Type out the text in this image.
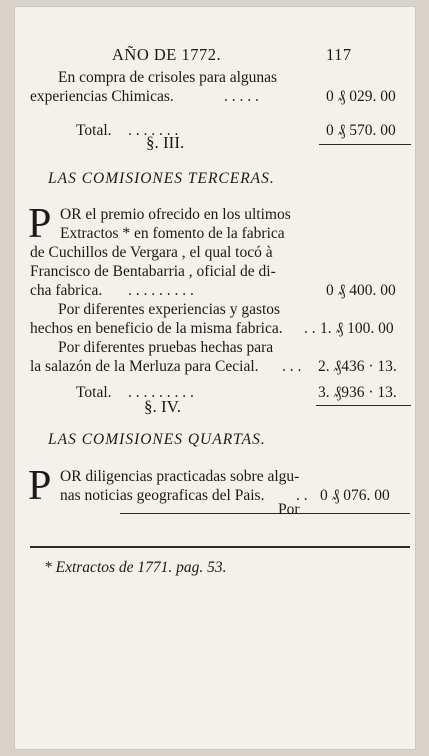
AÑO DE 1772.	117
En compra de crisoles para algunas
experiencias Chimicas.	. . . . .	0 ₰ 029. 00
Total. . . . . . . .	0 ₰ 570. 00
§. III.
LAS COMISIONES TERCERAS.
P OR el premio ofrecido en los ultimos
Extractos * en fomento de la fabrica
de Cuchillos de Vergara , el qual tocó à
Francisco de Bentabarria , oficial de di-
cha fabrica. . . . . . . . . .	0 ₰ 400. 00
Por diferentes experiencias y gastos
hechos en beneficio de la misma fabrica. . . 1. ₰ 100. 00
Por diferentes pruebas hechas para
la salazón de la Merluza para Cecial. . . . 2. ₰436 · 13.
Total. . . . . . . . . .	3. ₰936 · 13.
§. IV.
LAS COMISIONES QUARTAS.
P OR diligencias practicadas sobre algu-
nas noticias geograficas del Pais. . . 0 ₰ 076. 00
Por
* Extractos de 1771. pag. 53.
